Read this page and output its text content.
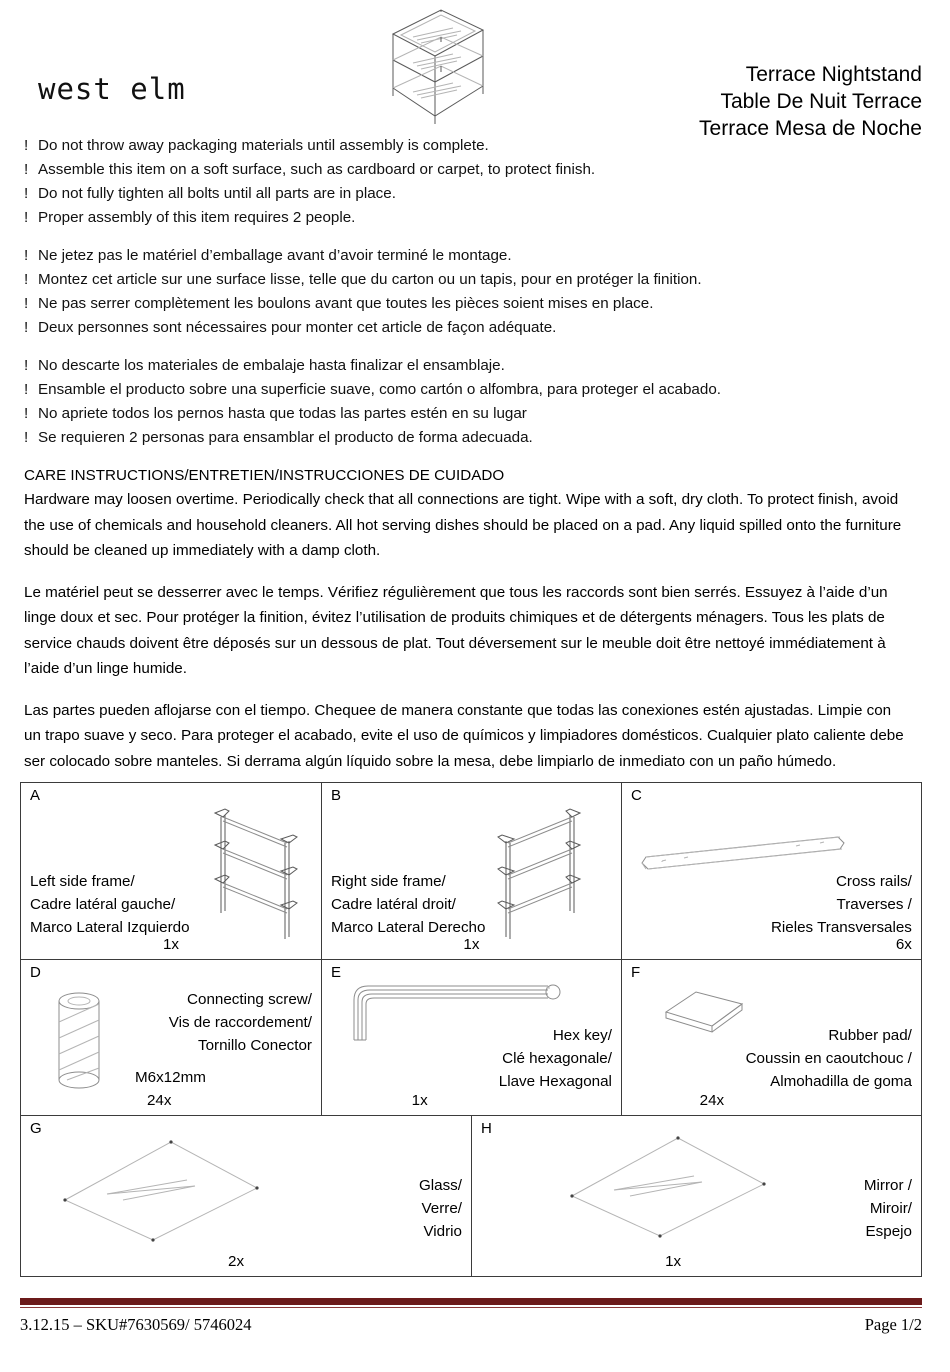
west elm	Terrace Nightstand
Table De Nuit Terrace
Terrace Mesa de Noche
! Do not throw away packaging materials until assembly is complete.
! Assemble this item on a soft surface, such as cardboard or carpet, to protect finish.
! Do not fully tighten all bolts until all parts are in place.
! Proper assembly of this item requires 2 people.
! Ne jetez pas le matériel d’emballage avant d’avoir terminé le montage.
! Montez cet article sur une surface lisse, telle que du carton ou un tapis, pour en protéger la finition.
! Ne pas serrer complètement les boulons avant que toutes les pièces soient mises en place.
! Deux personnes sont nécessaires pour monter cet article de façon adéquate.
! No descarte los materiales de embalaje hasta finalizar el ensamblaje.
! Ensamble el producto sobre una superficie suave, como cartón o alfombra, para proteger el acabado.
! No apriete todos los pernos hasta que todas las partes estén en su lugar
! Se requieren 2 personas para ensamblar el producto de forma adecuada.
CARE INSTRUCTIONS/ENTRETIEN/INSTRUCCIONES DE CUIDADO

Hardware may loosen overtime. Periodically check that all connections are tight. Wipe with a soft, dry cloth. To protect finish, avoid the use of chemicals and household cleaners. All hot serving dishes should be placed on a pad. Any liquid spilled onto the furniture should be cleaned up immediately with a damp cloth.

Le matériel peut se desserrer avec le temps. Vérifiez régulièrement que tous les raccords sont bien serrés. Essuyez à l’aide d’un linge doux et sec. Pour protéger la finition, évitez l’utilisation de produits chimiques et de détergents ménagers. Tous les plats de service chauds doivent être déposés sur un dessous de plat. Tout déversement sur le meuble doit être nettoyé immédiatement à l’aide d’un linge humide.

Las partes pueden aflojarse con el tiempo. Chequee de manera constante que todas las conexiones estén ajustadas. Limpie con un trapo suave y seco. Para proteger el acabado, evite el uso de químicos y limpiadores domésticos. Cualquier plato caliente debe ser colocado sobre manteles. Si derrama algún líquido sobre la mesa, debe limpiarlo de inmediato con un paño húmedo.

A
Left side frame/
Cadre latéral gauche/
Marco Lateral Izquierdo
1x
B
Right side frame/
Cadre latéral droit/
Marco Lateral Derecho
1x
C
Cross rails/
Traverses /
Rieles Transversales
6x
D
Connecting screw/
Vis de raccordement/
Tornillo Conector
M6x12mm
24x
E
Hex key/
Clé hexagonale/
Llave Hexagonal
1x
F
Rubber pad/
Coussin en caoutchouc /
Almohadilla de goma
24x
G
Glass/
Verre/
Vidrio
2x
H
Mirror /
Miroir/
Espejo
1x
3.12.15 – SKU#7630569/ 5746024	Page 1/2
